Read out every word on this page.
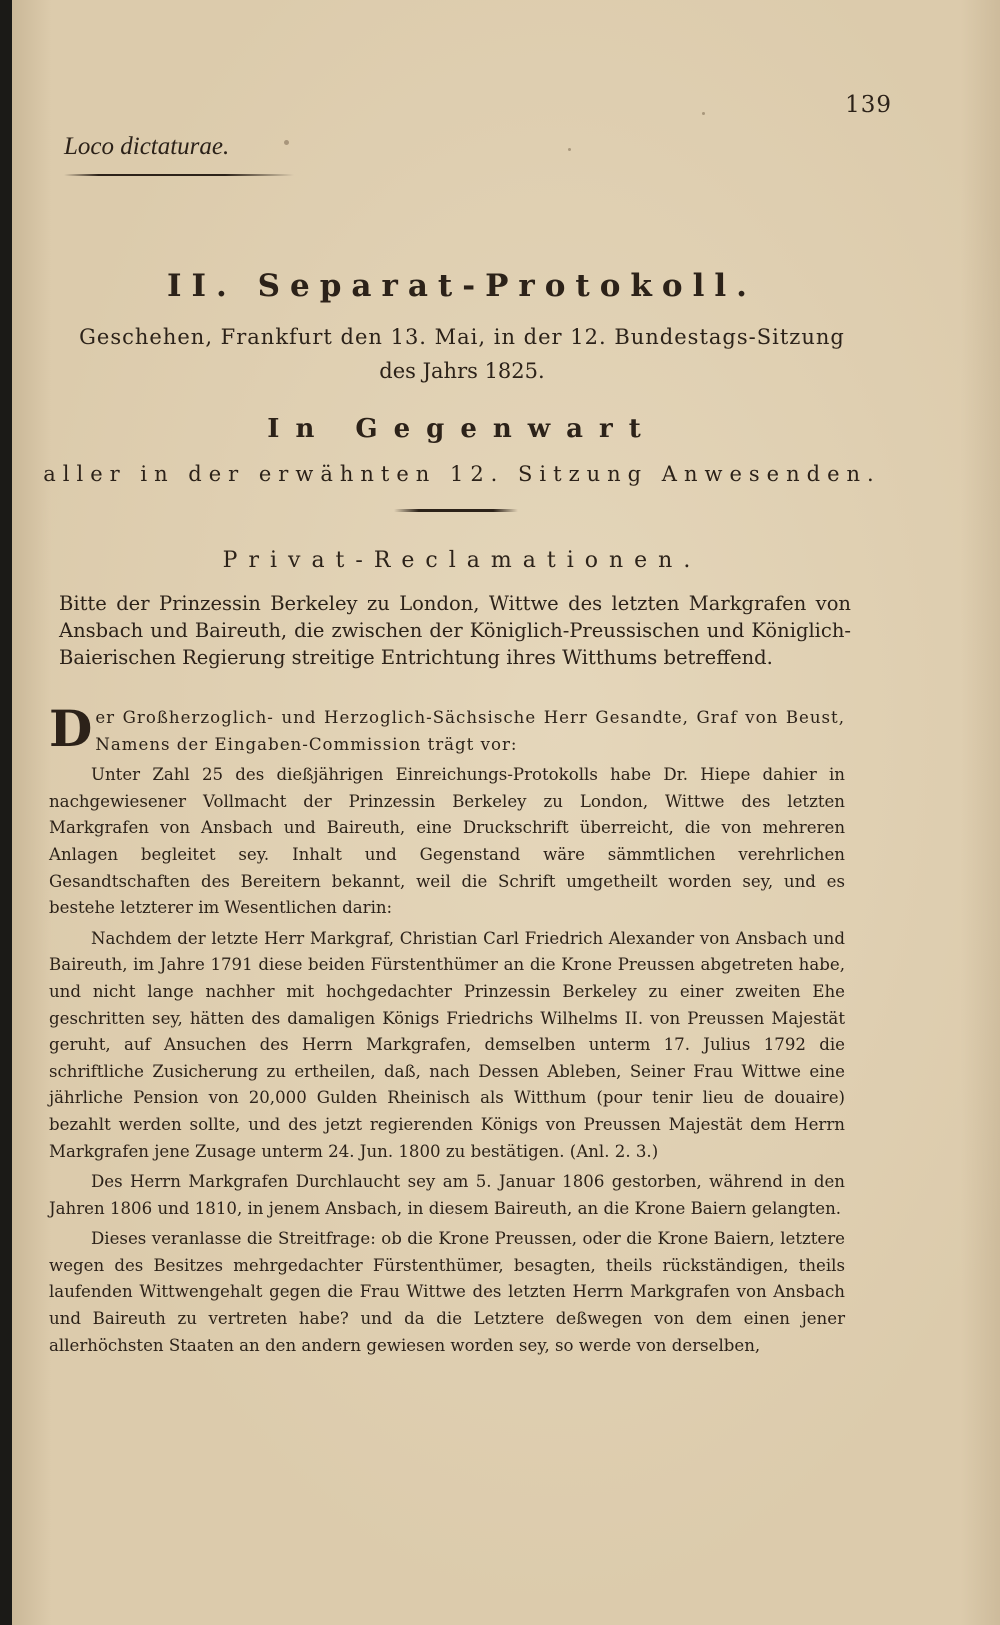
139
Loco dictaturae.
II. Separat-Protokoll.
Geschehen, Frankfurt den 13. Mai, in der 12. Bundestags-Sitzung
des Jahrs 1825.
In Gegenwart
aller in der erwähnten 12. Sitzung Anwesenden.
Privat-Reclamationen.

Bitte der Prinzessin Berkeley zu London, Wittwe des letzten Markgrafen von Ansbach und Baireuth, die zwischen der Königlich-Preussischen und Königlich-Baierischen Regierung streitige Entrichtung ihres Witthums betreffend.

Der Großherzoglich- und Herzoglich-Sächsische Herr Gesandte, Graf von Beust, Namens der Eingaben-Commission trägt vor:

Unter Zahl 25 des dießjährigen Einreichungs-Protokolls habe Dr. Hiepe dahier in nachgewiesener Vollmacht der Prinzessin Berkeley zu London, Wittwe des letzten Markgrafen von Ansbach und Baireuth, eine Druckschrift überreicht, die von mehreren Anlagen begleitet sey. Inhalt und Gegenstand wäre sämmtlichen verehrlichen Gesandtschaften des Bereitern bekannt, weil die Schrift umgetheilt worden sey, und es bestehe letzterer im Wesentlichen darin:

Nachdem der letzte Herr Markgraf, Christian Carl Friedrich Alexander von Ansbach und Baireuth, im Jahre 1791 diese beiden Fürstenthümer an die Krone Preussen abgetreten habe, und nicht lange nachher mit hochgedachter Prinzessin Berkeley zu einer zweiten Ehe geschritten sey, hätten des damaligen Königs Friedrichs Wilhelms II. von Preussen Majestät geruht, auf Ansuchen des Herrn Markgrafen, demselben unterm 17. Julius 1792 die schriftliche Zusicherung zu ertheilen, daß, nach Dessen Ableben, Seiner Frau Wittwe eine jährliche Pension von 20,000 Gulden Rheinisch als Witthum (pour tenir lieu de douaire) bezahlt werden sollte, und des jetzt regierenden Königs von Preussen Majestät dem Herrn Markgrafen jene Zusage unterm 24. Jun. 1800 zu bestätigen. (Anl. 2. 3.)

Des Herrn Markgrafen Durchlaucht sey am 5. Januar 1806 gestorben, während in den Jahren 1806 und 1810, in jenem Ansbach, in diesem Baireuth, an die Krone Baiern gelangten.

Dieses veranlasse die Streitfrage: ob die Krone Preussen, oder die Krone Baiern, letztere wegen des Besitzes mehrgedachter Fürstenthümer, besagten, theils rückständigen, theils laufenden Wittwengehalt gegen die Frau Wittwe des letzten Herrn Markgrafen von Ansbach und Baireuth zu vertreten habe? und da die Letztere deßwegen von dem einen jener allerhöchsten Staaten an den andern gewiesen worden sey, so werde von derselben,
